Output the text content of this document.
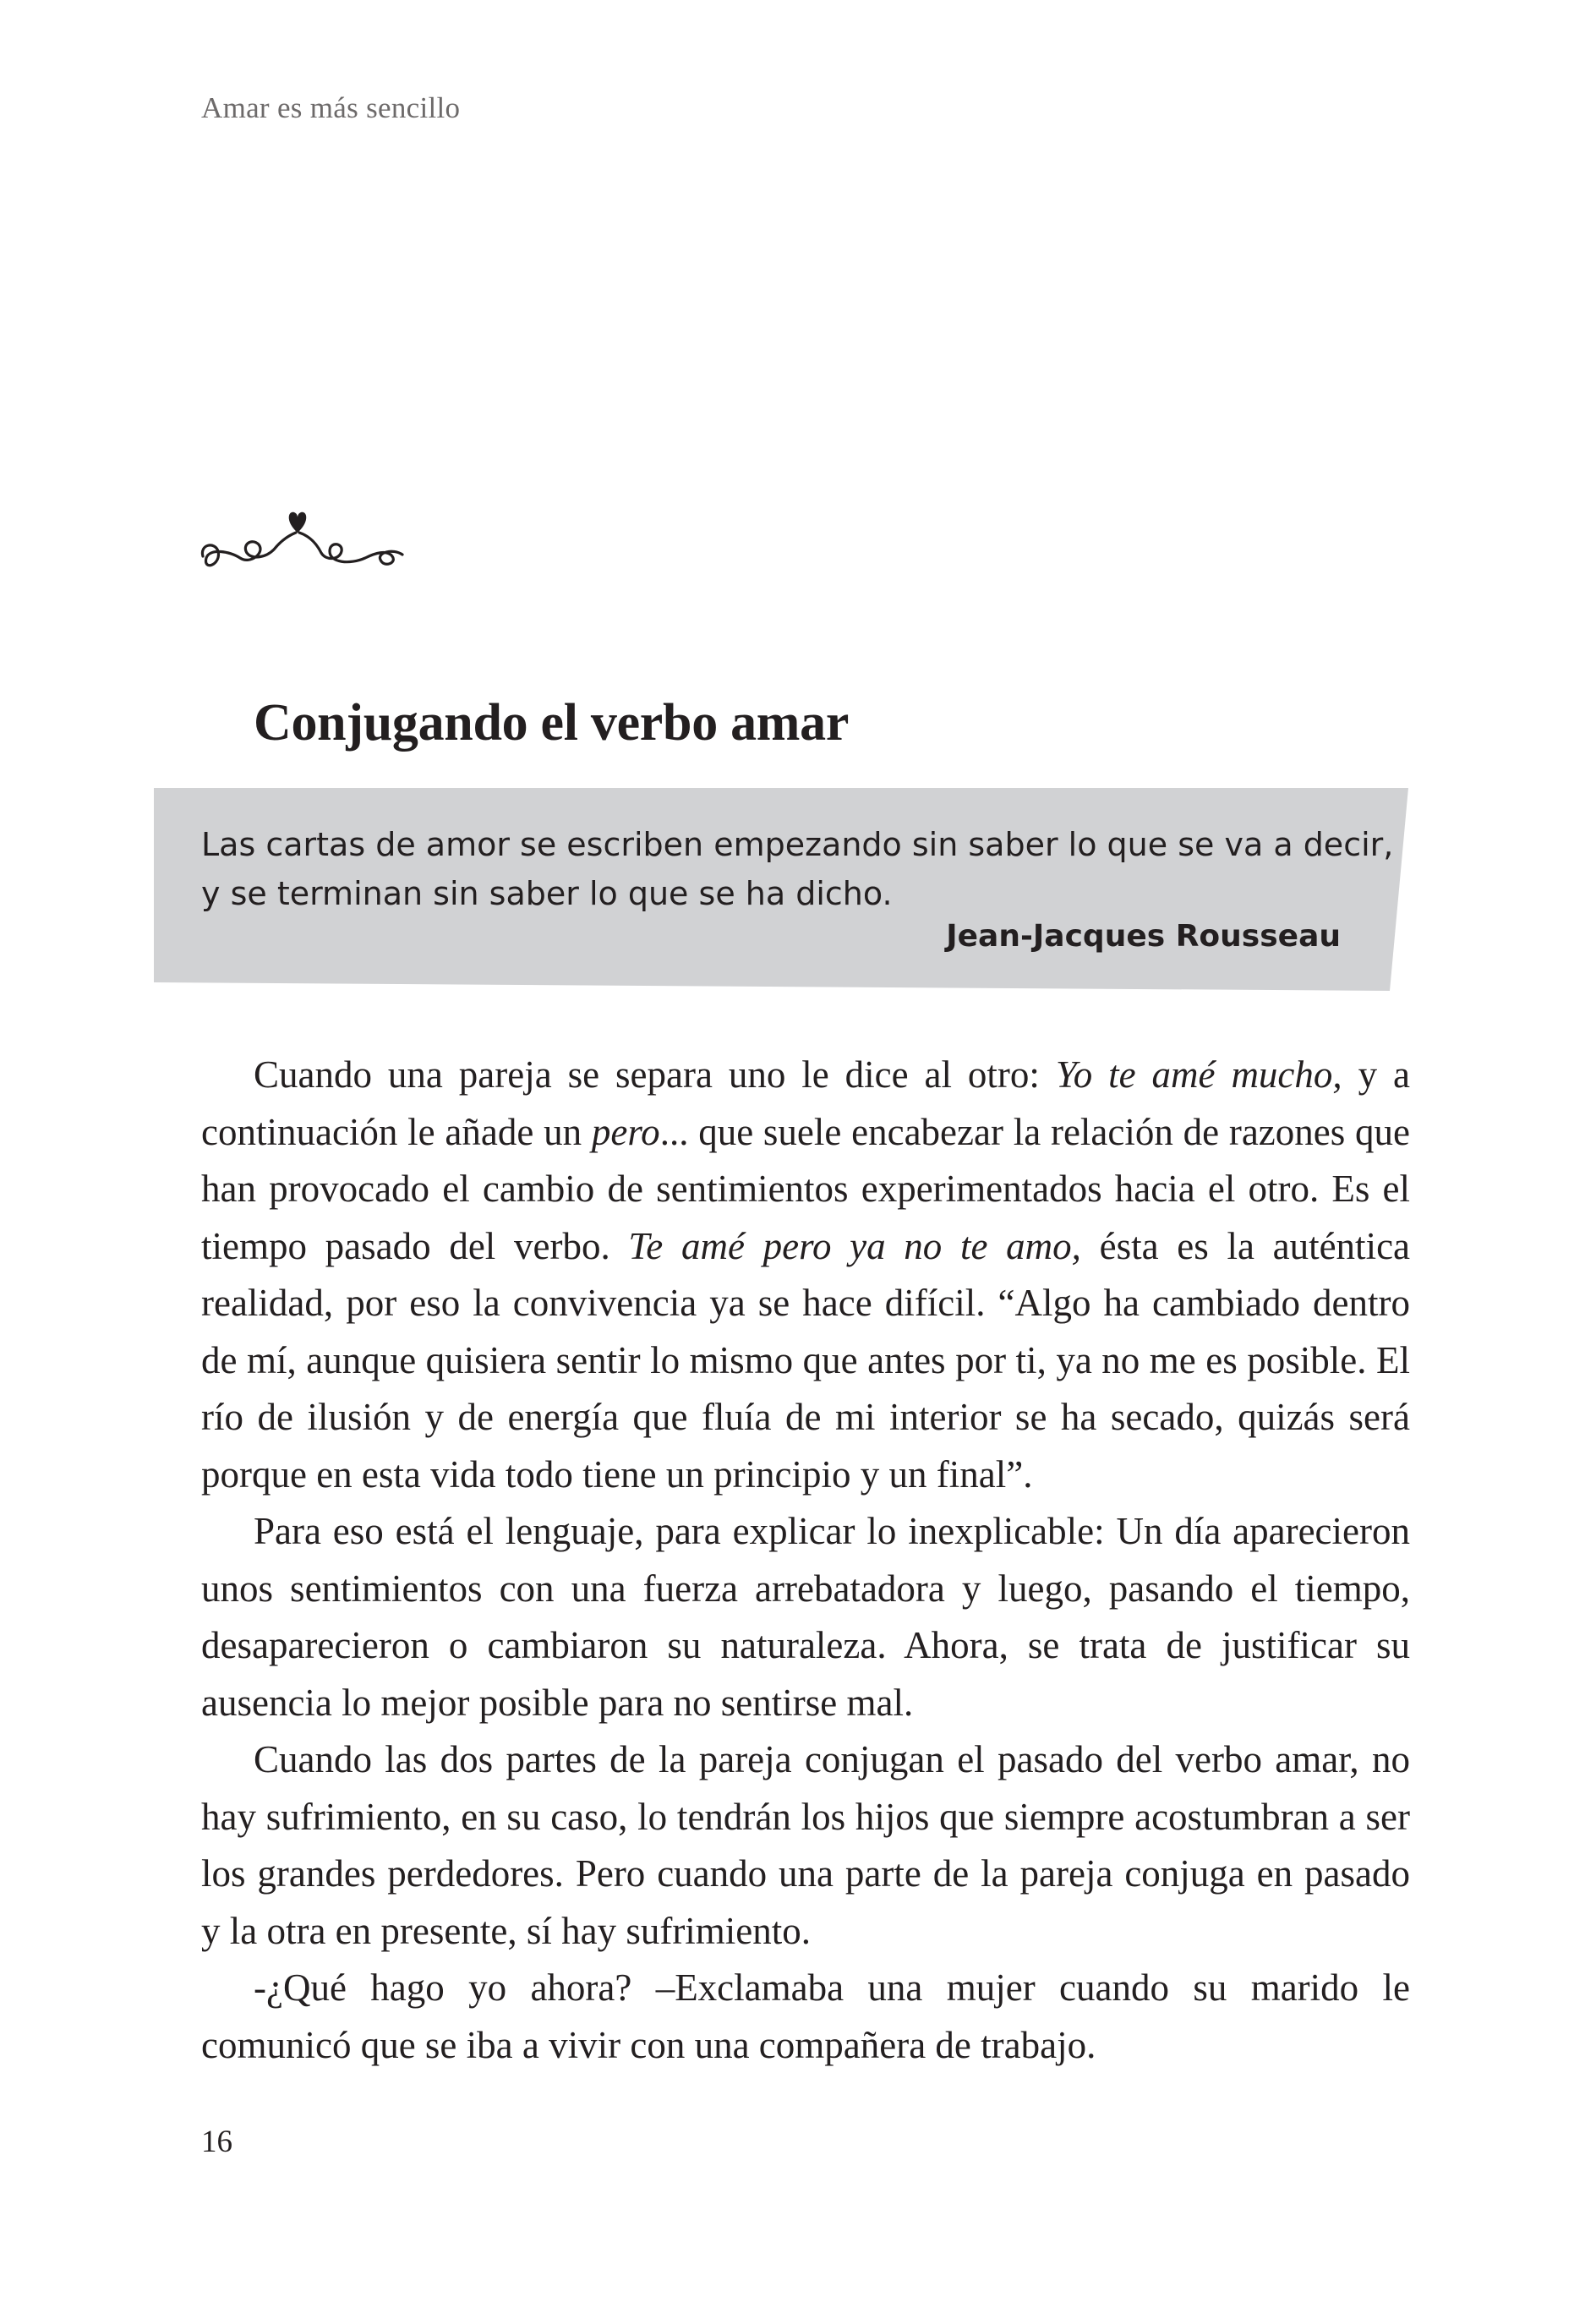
Amar es más sencillo
Conjugando el verbo amar
Las cartas de amor se escriben empezando sin saber lo que se va a decir,
y se terminan sin saber lo que se ha dicho.
Jean-Jacques Rousseau

Cuando una pareja se separa uno le dice al otro: Yo te amé mucho, y a continuación le añade un pero... que suele encabezar la relación de razones que han provocado el cambio de sentimientos experimentados hacia el otro. Es el tiempo pasado del verbo. Te amé pero ya no te amo, ésta es la auténtica realidad, por eso la convivencia ya se hace difícil. “Algo ha cambiado dentro de mí, aunque quisiera sentir lo mismo que antes por ti, ya no me es posible. El río de ilusión y de energía que fluía de mi interior se ha secado, quizás será porque en esta vida todo tiene un principio y un final”.

Para eso está el lenguaje, para explicar lo inexplicable: Un día aparecieron unos sentimientos con una fuerza arrebatadora y luego, pasando el tiempo, desaparecieron o cambiaron su naturaleza. Ahora, se trata de justificar su ausencia lo mejor posible para no sentirse mal.

Cuando las dos partes de la pareja conjugan el pasado del verbo amar, no hay sufrimiento, en su caso, lo tendrán los hijos que siempre acostumbran a ser los grandes perdedores. Pero cuando una parte de la pareja conjuga en pasado y la otra en presente, sí hay sufrimiento.

-¿Qué hago yo ahora? –Exclamaba una mujer cuando su marido le comunicó que se iba a vivir con una compañera de trabajo.

16
